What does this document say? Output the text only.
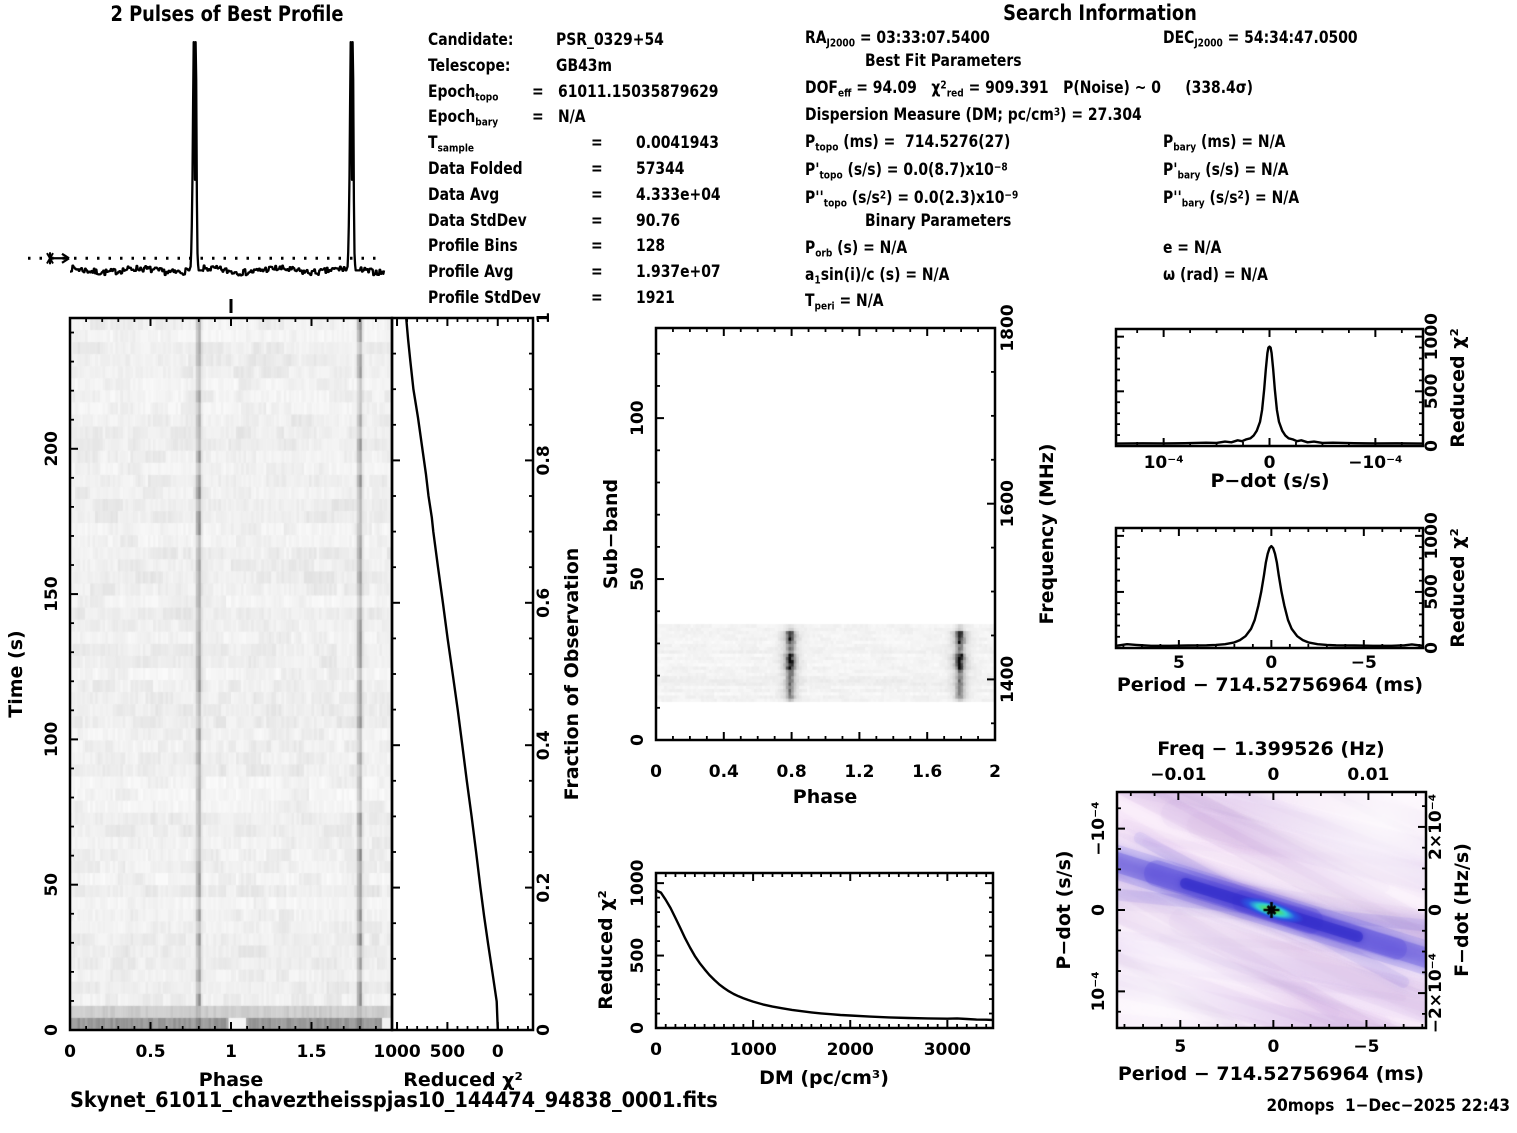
0	0.5	1	1.5
0
50
100
150
200
Phase
Time (s)
1000 500 0
0
0.2
0.4
0.6
0.8
1
Reduced χ²
Fraction of Observation	0	0.4 0.8 1.2 1.6	2
0
50
100
1400
1600
1800
Phase
Sub−band	Frequency (MHz)
0	1000	2000	3000
0
500
1000
DM (pc/cm³)
Reduced χ²
10⁻⁴	0	−10⁻⁴
0
500
1000
P−dot (s/s)
Reduced χ²
5	0	−5
0
500
1000
Period − 714.52756964 (ms)
Reduced χ²
5	0	−5
−0.01	0	0.01
−10⁻⁴
0
10⁻⁴
2×10⁻⁴
0
−2×10⁻⁴
Freq − 1.399526 (Hz)
Period − 714.52756964 (ms)
P−dot (s/s)	F−dot (Hz/s)
2 Pulses of Best Profile	Search Information
Candidate:	PSR_0329+54
Telescope:	GB43m
Epoch$_{topo}$ = 61011.15035879629
Epoch$_{bary}$ = N/A
$T_{sample}$	= 0.0041943
Data Folded	= 57344
Data Avg	= 4.333e+04
Data StdDev	= 90.76
Profile Bins	= 128
Profile Avg	= 1.937e+07
Profile StdDev	= 1921
$RA_{J2000}$ = 03:33:07.5400	$DEC_{J2000}$ = 54:34:47.0500
Best Fit Parameters
$DOF_{eff} = 94.09$   $\chi^2_{red} = 909.391$   P(Noise) ~ 0     (338.4σ)
Dispersion Measure (DM; $pc/cm^3) = 27.304$
$P_{topo}$ (ms) =  714.5276(27)	$P_{bary}$ (ms) = N/A
$P'_{topo}$ $(s/s) = 0.0(8.7)x10^{-8}$	$P'_{bary}$ (s/s) = N/A
$P''_{topo}$ $(s/s^2) = 0.0(2.3)x10^{-9}$	$P''_{bary}$ $(s/s^2) = N/A$
Binary Parameters
$P_{orb}$ (s) = N/A	e = N/A
$a_1\sin(i)/c$ (s) = N/A	ω (rad) = N/A
$T_{peri} = N/A$
Skynet_61011_chaveztheisspjas10_144474_94838_0001.fits	20mops  1−Dec−2025 22:43
